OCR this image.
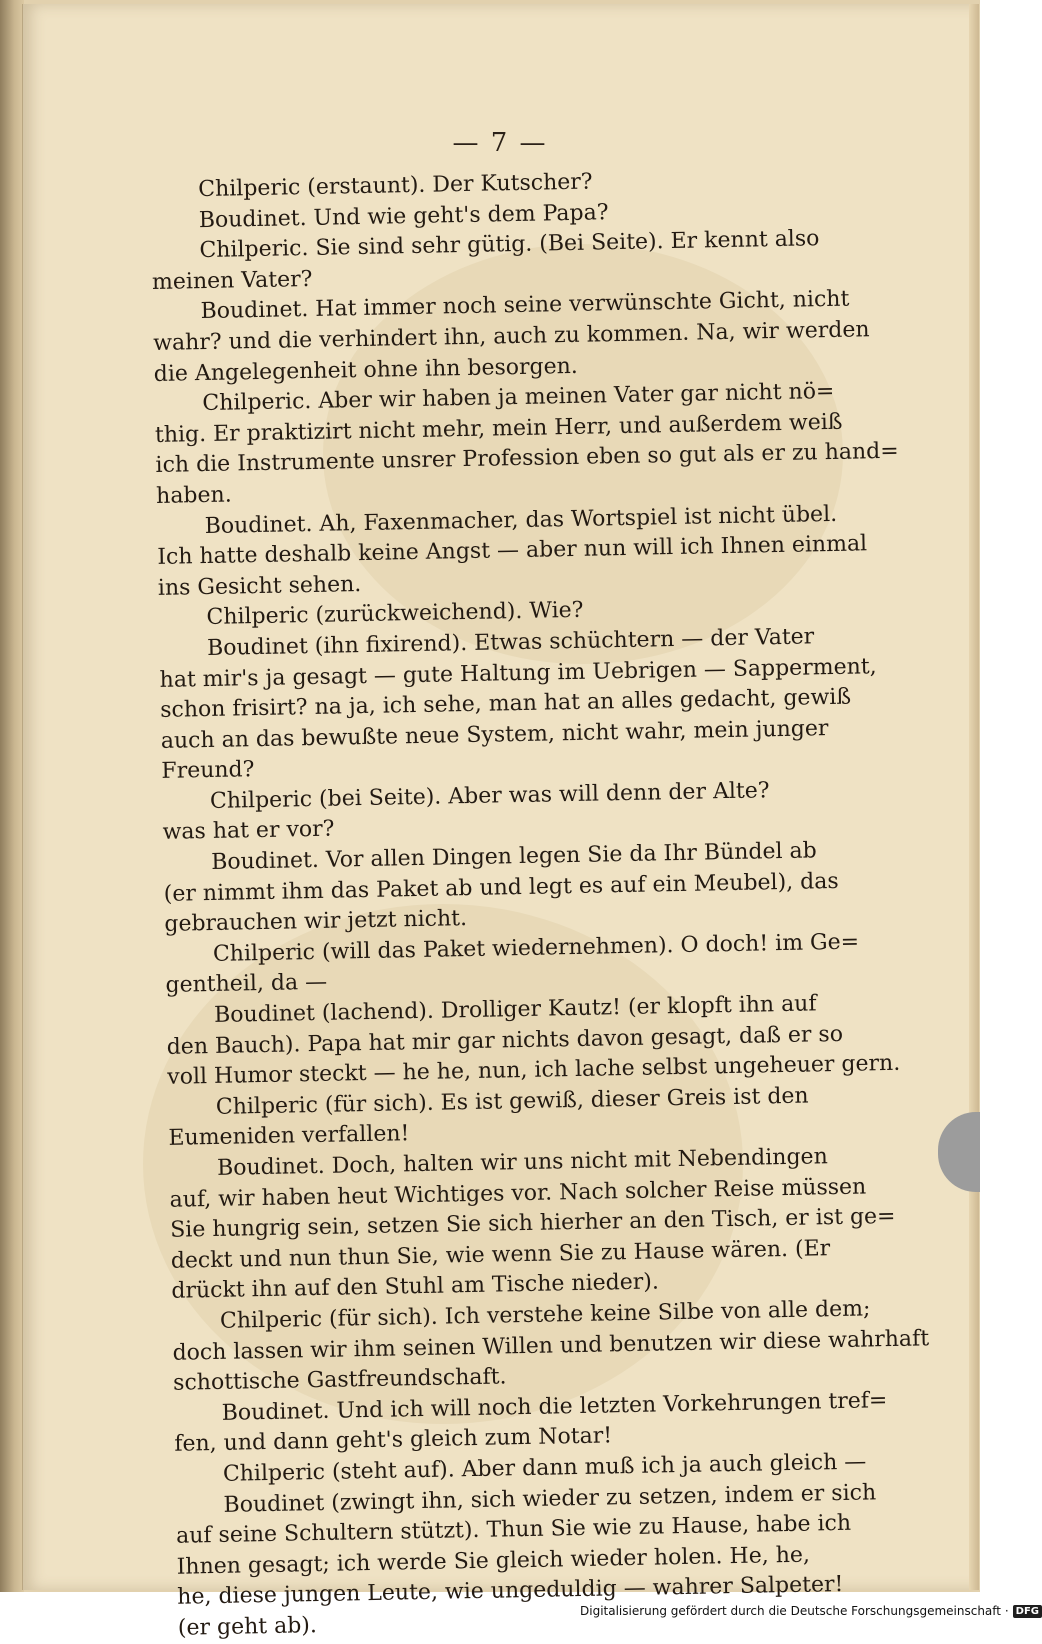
— 7 —

Chilperic (erstaunt). Der Kutscher?

Boudinet. Und wie geht's dem Papa?

Chilperic. Sie sind sehr gütig. (Bei Seite). Er kennt also

meinen Vater?

Boudinet. Hat immer noch seine verwünschte Gicht, nicht

wahr? und die verhindert ihn, auch zu kommen. Na, wir werden

die Angelegenheit ohne ihn besorgen.

Chilperic. Aber wir haben ja meinen Vater gar nicht nö=

thig. Er praktizirt nicht mehr, mein Herr, und außerdem weiß

ich die Instrumente unsrer Profession eben so gut als er zu hand=

haben.

Boudinet. Ah, Faxenmacher, das Wortspiel ist nicht übel.

Ich hatte deshalb keine Angst — aber nun will ich Ihnen einmal

ins Gesicht sehen.

Chilperic (zurückweichend). Wie?

Boudinet (ihn fixirend). Etwas schüchtern — der Vater

hat mir's ja gesagt — gute Haltung im Uebrigen — Sapperment,

schon frisirt? na ja, ich sehe, man hat an alles gedacht, gewiß

auch an das bewußte neue System, nicht wahr, mein junger

Freund?

Chilperic (bei Seite). Aber was will denn der Alte?

was hat er vor?

Boudinet. Vor allen Dingen legen Sie da Ihr Bündel ab

(er nimmt ihm das Paket ab und legt es auf ein Meubel), das

gebrauchen wir jetzt nicht.

Chilperic (will das Paket wiedernehmen). O doch! im Ge=

gentheil, da —

Boudinet (lachend). Drolliger Kautz! (er klopft ihn auf

den Bauch). Papa hat mir gar nichts davon gesagt, daß er so

voll Humor steckt — he he, nun, ich lache selbst ungeheuer gern.

Chilperic (für sich). Es ist gewiß, dieser Greis ist den

Eumeniden verfallen!

Boudinet. Doch, halten wir uns nicht mit Nebendingen

auf, wir haben heut Wichtiges vor. Nach solcher Reise müssen

Sie hungrig sein, setzen Sie sich hierher an den Tisch, er ist ge=

deckt und nun thun Sie, wie wenn Sie zu Hause wären. (Er

drückt ihn auf den Stuhl am Tische nieder).

Chilperic (für sich). Ich verstehe keine Silbe von alle dem;

doch lassen wir ihm seinen Willen und benutzen wir diese wahrhaft

schottische Gastfreundschaft.

Boudinet. Und ich will noch die letzten Vorkehrungen tref=

fen, und dann geht's gleich zum Notar!

Chilperic (steht auf). Aber dann muß ich ja auch gleich —

Boudinet (zwingt ihn, sich wieder zu setzen, indem er sich

auf seine Schultern stützt). Thun Sie wie zu Hause, habe ich

Ihnen gesagt; ich werde Sie gleich wieder holen. He, he,

he, diese jungen Leute, wie ungeduldig — wahrer Salpeter!

(er geht ab).

Digitalisierung gefördert durch die Deutsche Forschungsgemeinschaft · DFG
